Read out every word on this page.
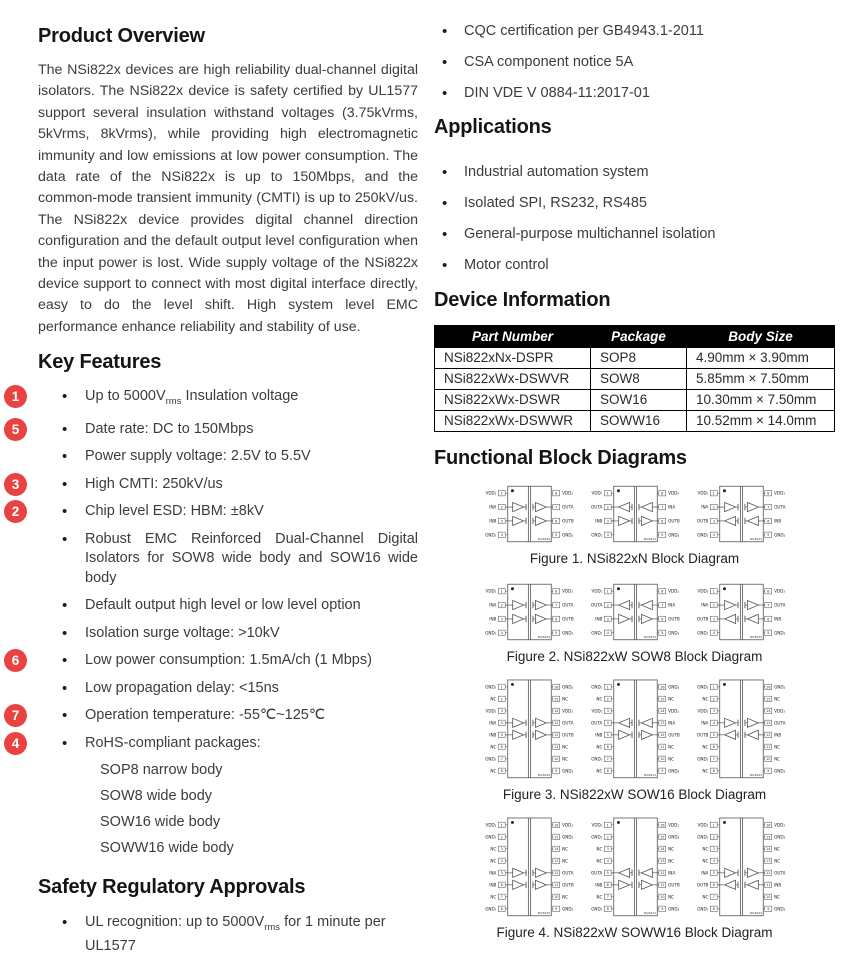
Product Overview

The NSi822x devices are high reliability dual-channel digital isolators. The NSi822x device is safety certified by UL1577 support several insulation withstand voltages (3.75kVrms, 5kVrms, 8kVrms), while providing high electromagnetic immunity and low emissions at low power consumption. The data rate of the NSi822x is up to 150Mbps, and the common-mode transient immunity (CMTI) is up to 250kV/us. The NSi822x device provides digital channel direction configuration and the default output level configuration when the input power is lost. Wide supply voltage of the NSi822x device support to connect with most digital interface directly, easy to do the level shift. High system level EMC performance enhance reliability and stability of use.

Key Features
• 1	Up to $5000V_{rms}$ Insulation voltage
• 5	Date rate: DC to 150Mbps
• Power supply voltage: 2.5V to 5.5V
• 3	High CMTI: 250kV/us
• 2	Chip level ESD: HBM: ±8kV
• Robust EMC Reinforced Dual-Channel Digital Isolators for SOW8 wide body and SOW16 wide body
• Default output high level or low level option
• Isolation surge voltage: >10kV
• 6	Low power consumption: 1.5mA/ch (1 Mbps)
• Low propagation delay: <15ns
• 7	Operation temperature: -55℃~125℃
• 4	RoHS-compliant packages:
SOP8 narrow body
SOW8 wide body
SOW16 wide body
SOWW16 wide body
Safety Regulatory Approvals
• UL recognition: up to $5000V_{rms}$ for 1 minute per UL1577
• CQC certification per GB4943.1-2011
• CSA component notice 5A
• DIN VDE V 0884-11:2017-01
Applications
• Industrial automation system
• Isolated SPI, RS232, RS485
• General-purpose multichannel isolation
• Motor control
Device Information
Part Number	Package	Body Size
NSi822xNx-DSPR	SOP8	4.90mm × 3.90mm
NSi822xWx-DSWVR	SOW8	5.85mm × 7.50mm
NSi822xWx-DSWR	SOW16	10.30mm × 7.50mm
NSi822xWx-DSWWR	SOWW16	10.52mm × 14.0mm
Functional Block Diagrams
1
VDD₁	8 VDD₂
2
INA	7 OUTA
3
INB	6 OUTB
4
GND₁	5 GND₂
NSi8220
1
VDD₁	8 VDD₂
2
OUTA	7 INA
3
INB	6 OUTB
4
GND₁	5 GND₂
NSi8221
1
VDD₁	8 VDD₂
2
INA	7 OUTA
3
OUTB	6 INB
4
GND₁	5 GND₂
NSi8222
Figure 1. NSi822xN Block Diagram
1
VDD₁	8 VDD₂
2
INA	7 OUTA
3
INB	6 OUTB
4
GND₁	5 GND₂
NSi8220
1
VDD₁	8 VDD₂
2
OUTA	7 INA
3
INB	6 OUTB
4
GND₁	5 GND₂
NSi8221
1
VDD₁	8 VDD₂
2
INA	7 OUTA
3
OUTB	6 INB
4
GND₁	5 GND₂
NSi8222
Figure 2. NSi822xW SOW8 Block Diagram
1
GND₁	16 GND₂
2
NC	15 NC
3
VDD₁	14 VDD₂
4
INA	13 OUTA
5
INB	12 OUTB
6
NC	11 NC
7
GND₁	10 NC
8
NC	9 GND₂
NSi8220
1
GND₁	16 GND₂
2
NC	15 NC
3
VDD₁	14 VDD₂
4
OUTA	13 INA
5
INB	12 OUTB
6
NC	11 NC
7
GND₁	10 NC
8
NC	9 GND₂
NSi8221
1
GND₁	16 GND₂
2
NC	15 NC
3
VDD₁	14 VDD₂
4
INA	13 OUTA
5
OUTB	12 INB
6
NC	11 NC
7
GND₁	10 NC
8
NC	9 GND₂
NSi8222
Figure 3. NSi822xW SOW16 Block Diagram
1
VDD₁	16 VDD₂
2
GND₁	15 GND₂
3
NC	14 NC
4
NC	13 NC
5
INA	12 OUTA
6
INB	11 OUTB
7
NC	10 NC
8
GND₁	9 GND₂
NSi8220
1
VDD₁	16 VDD₂
2
GND₁	15 GND₂
3
NC	14 NC
4
NC	13 NC
5
OUTA	12 INA
6
INB	11 OUTB
7
NC	10 NC
8
GND₁	9 GND₂
NSi8221
1
VDD₁	16 VDD₂
2
GND₁	15 GND₂
3
NC	14 NC
4
NC	13 NC
5
INA	12 OUTA
6
OUTB	11 INB
7
NC	10 NC
8
GND₁	9 GND₂
NSi8222
Figure 4. NSi822xW SOWW16 Block Diagram
